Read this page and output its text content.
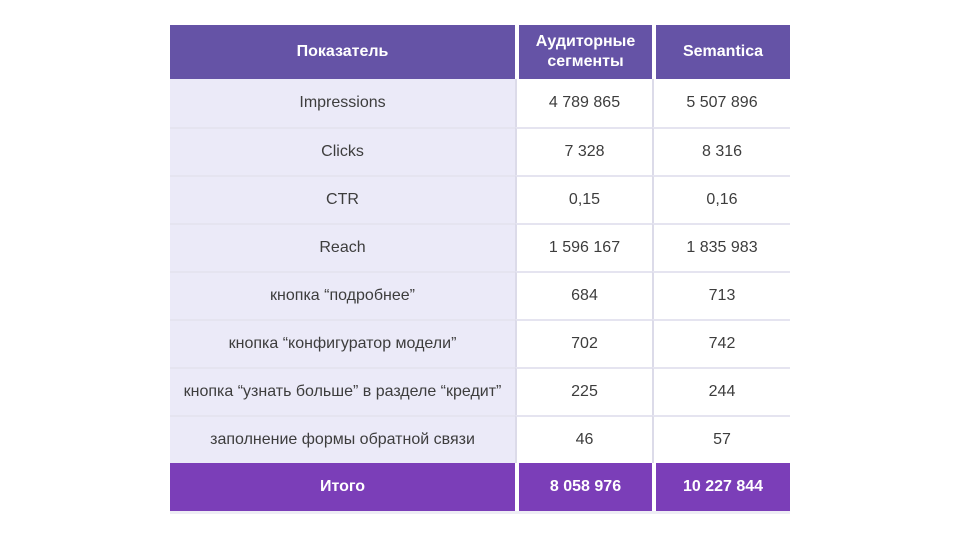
Показатель	Аудиторные сегменты	Semantica
Impressions	4 789 865	5 507 896
Clicks	7 328	8 316
CTR	0,15	0,16
Reach	1 596 167	1 835 983
кнопка “подробнее”	684	713
кнопка “конфигуратор модели”	702	742
кнопка “узнать больше” в разделе “кредит”	225	244
заполнение формы обратной связи	46	57
Итого	8 058 976	10 227 844
